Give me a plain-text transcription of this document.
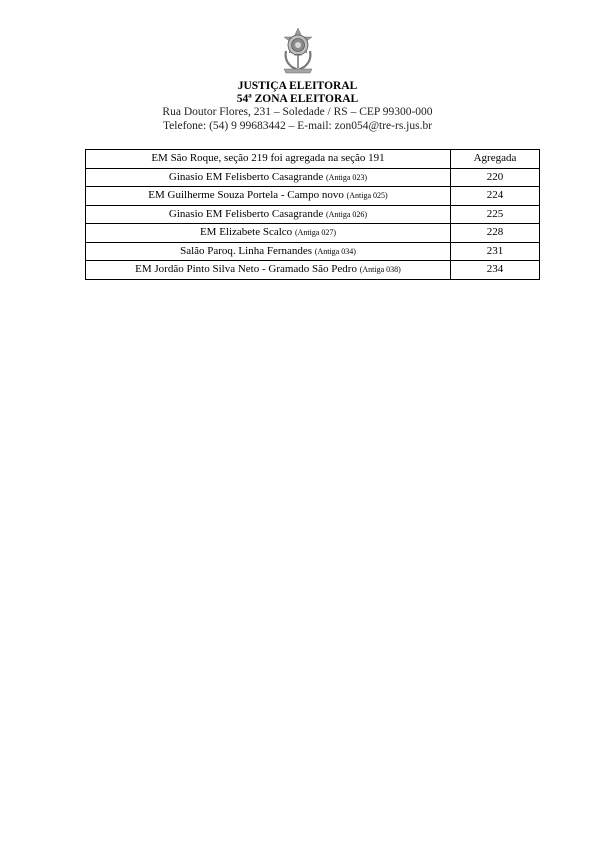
JUSTIÇA ELEITORAL
54ª ZONA ELEITORAL
Rua Doutor Flores, 231 – Soledade / RS – CEP 99300-000
Telefone: (54) 9 99683442 – E-mail: zon054@tre-rs.jus.br
EM São Roque, seção 219 foi agregada na seção 191	Agregada
Ginasio EM Felisberto Casagrande (Antiga 023)	220
EM Guilherme Souza Portela - Campo novo (Antiga 025)	224
Ginasio EM Felisberto Casagrande (Antiga 026)	225
EM Elizabete Scalco (Antiga 027)	228
Salão Paroq. Linha Fernandes (Antiga 034)	231
EM Jordão Pinto Silva Neto - Gramado São Pedro (Antiga 038)	234
